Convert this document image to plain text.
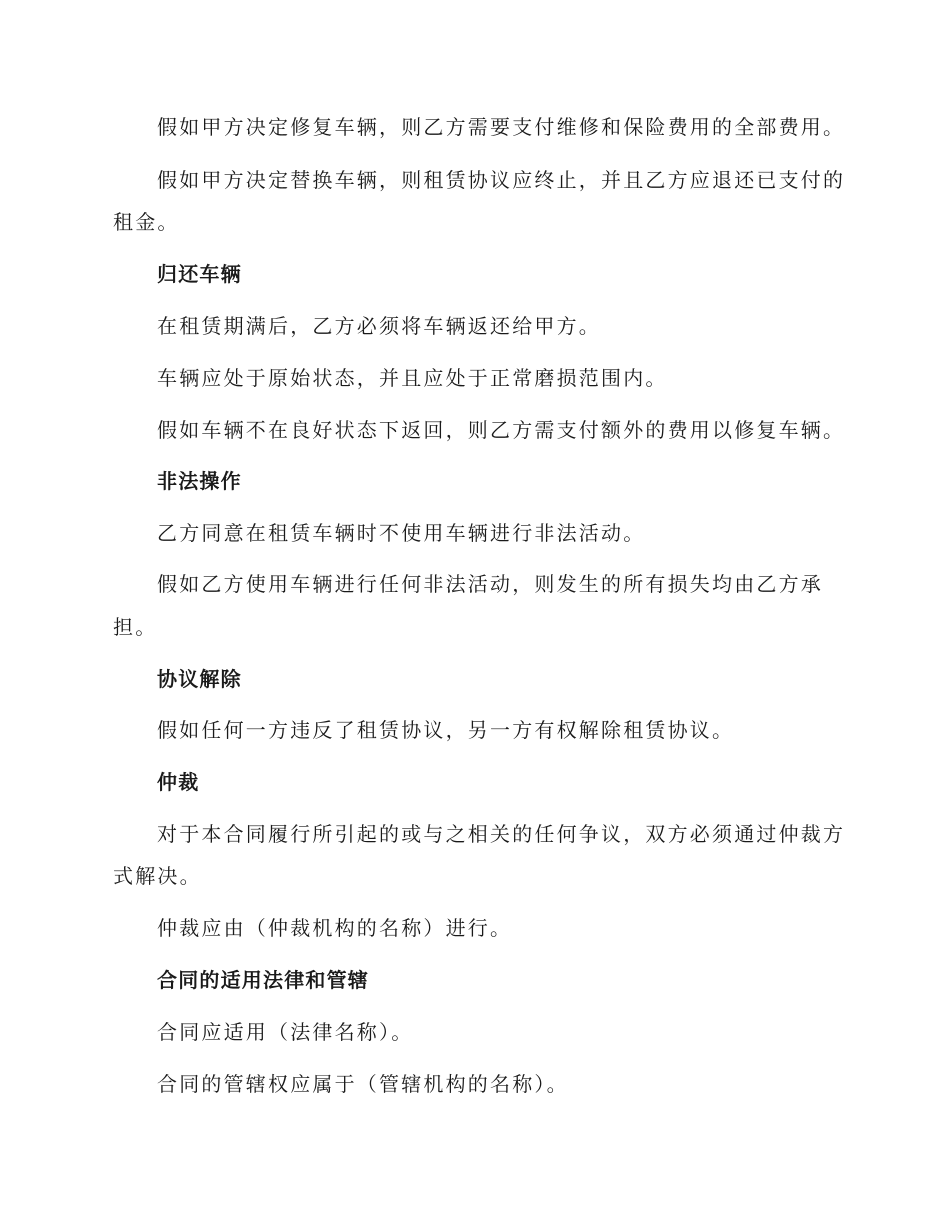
假如甲方决定修复车辆，则乙方需要支付维修和保险费用的全部费用。
假如甲方决定替换车辆，则租赁协议应终止，并且乙方应退还已支付的
租金。
归还车辆
在租赁期满后，乙方必须将车辆返还给甲方。
车辆应处于原始状态，并且应处于正常磨损范围内。
假如车辆不在良好状态下返回，则乙方需支付额外的费用以修复车辆。
非法操作
乙方同意在租赁车辆时不使用车辆进行非法活动。
假如乙方使用车辆进行任何非法活动，则发生的所有损失均由乙方承
担。
协议解除
假如任何一方违反了租赁协议，另一方有权解除租赁协议。
仲裁
对于本合同履行所引起的或与之相关的任何争议，双方必须通过仲裁方
式解决。
仲裁应由（仲裁机构的名称）进行。
合同的适用法律和管辖
合同应适用（法律名称）。
合同的管辖权应属于（管辖机构的名称）。
